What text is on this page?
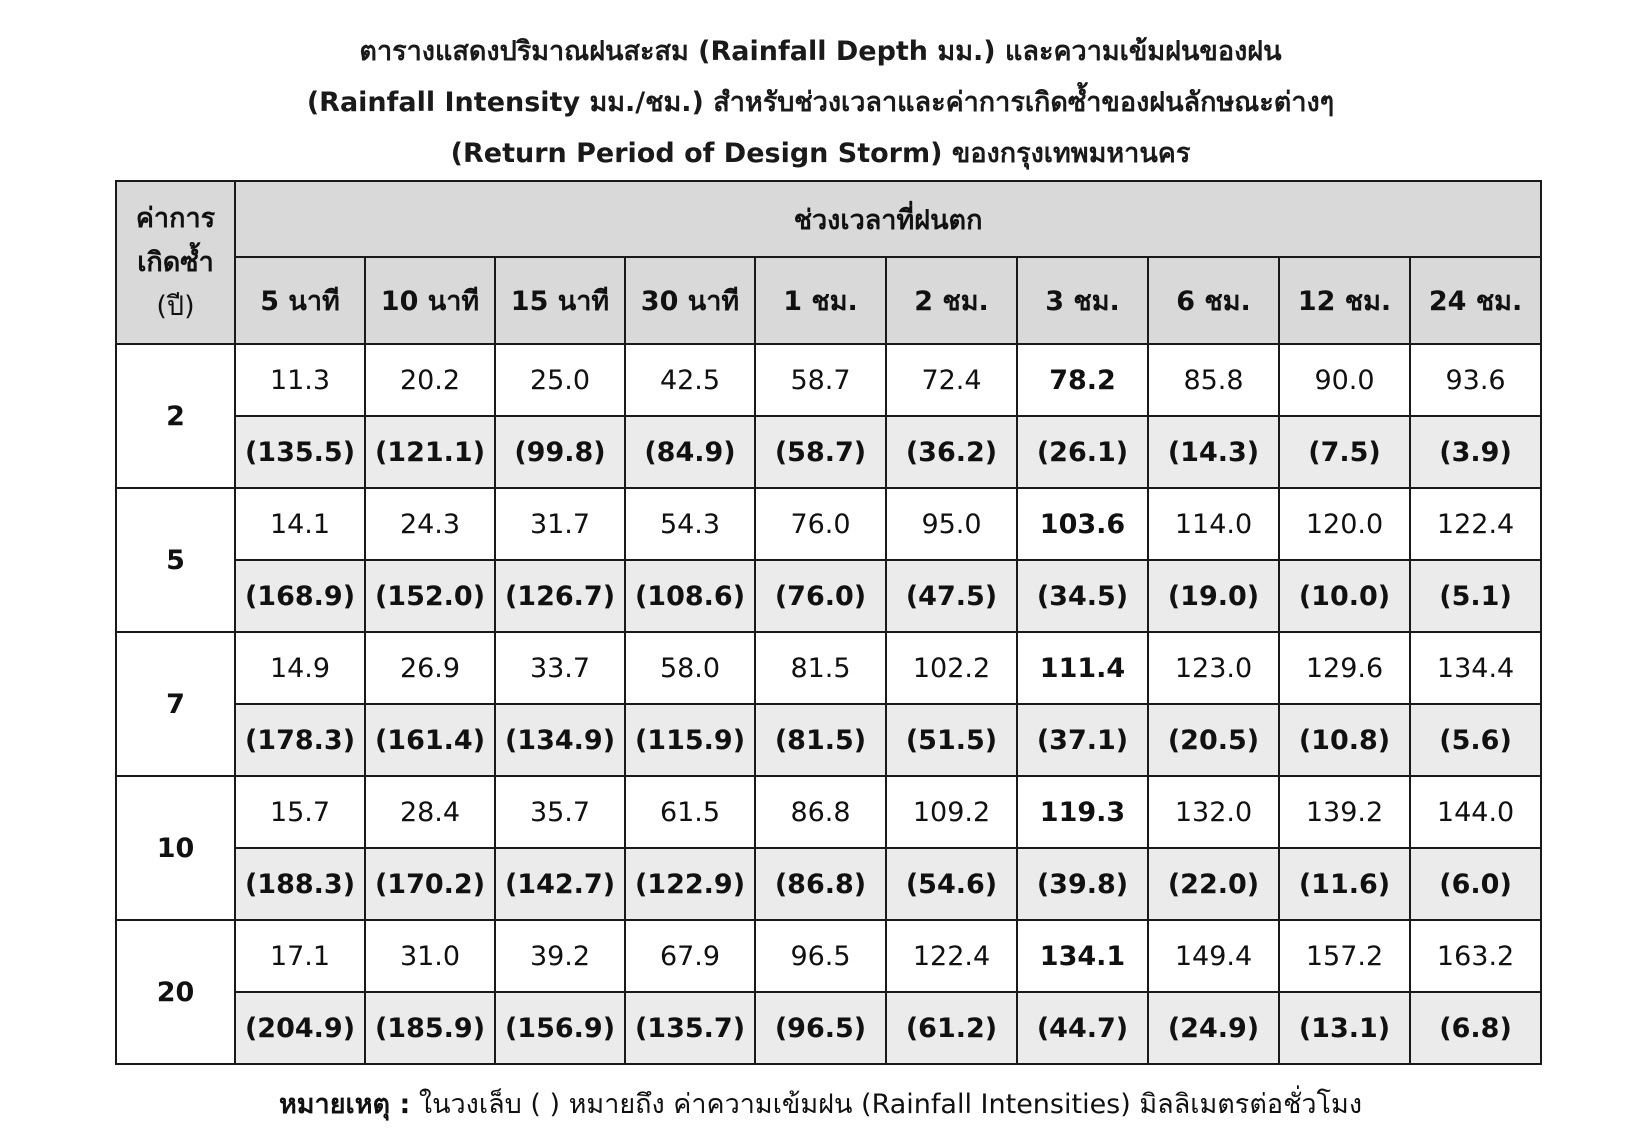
ตารางแสดงปริมาณฝนสะสม (Rainfall Depth มม.) และความเข้มฝนของฝน
(Rainfall Intensity มม./ชม.) สำหรับช่วงเวลาและค่าการเกิดซ้ำของฝนลักษณะต่างๆ
(Return Period of Design Storm) ของกรุงเทพมหานคร
ค่าการ
เกิดซ้ำ
(ปี)	ช่วงเวลาที่ฝนตก									
	5 นาที	10 นาที	15 นาที	30 นาที	1 ชม.	2 ชม.	3 ชม.	6 ชม.	12 ชม.	24 ชม.
2	11.3	20.2	25.0	42.5	58.7	72.4	78.2	85.8	90.0	93.6
	(135.5)	(121.1)	(99.8)	(84.9)	(58.7)	(36.2)	(26.1)	(14.3)	(7.5)	(3.9)
5	14.1	24.3	31.7	54.3	76.0	95.0	103.6	114.0	120.0	122.4
	(168.9)	(152.0)	(126.7)	(108.6)	(76.0)	(47.5)	(34.5)	(19.0)	(10.0)	(5.1)
7	14.9	26.9	33.7	58.0	81.5	102.2	111.4	123.0	129.6	134.4
	(178.3)	(161.4)	(134.9)	(115.9)	(81.5)	(51.5)	(37.1)	(20.5)	(10.8)	(5.6)
10	15.7	28.4	35.7	61.5	86.8	109.2	119.3	132.0	139.2	144.0
	(188.3)	(170.2)	(142.7)	(122.9)	(86.8)	(54.6)	(39.8)	(22.0)	(11.6)	(6.0)
20	17.1	31.0	39.2	67.9	96.5	122.4	134.1	149.4	157.2	163.2
	(204.9)	(185.9)	(156.9)	(135.7)	(96.5)	(61.2)	(44.7)	(24.9)	(13.1)	(6.8)
หมายเหตุ : ในวงเล็บ ( ) หมายถึง ค่าความเข้มฝน (Rainfall Intensities) มิลลิเมตรต่อชั่วโมง
